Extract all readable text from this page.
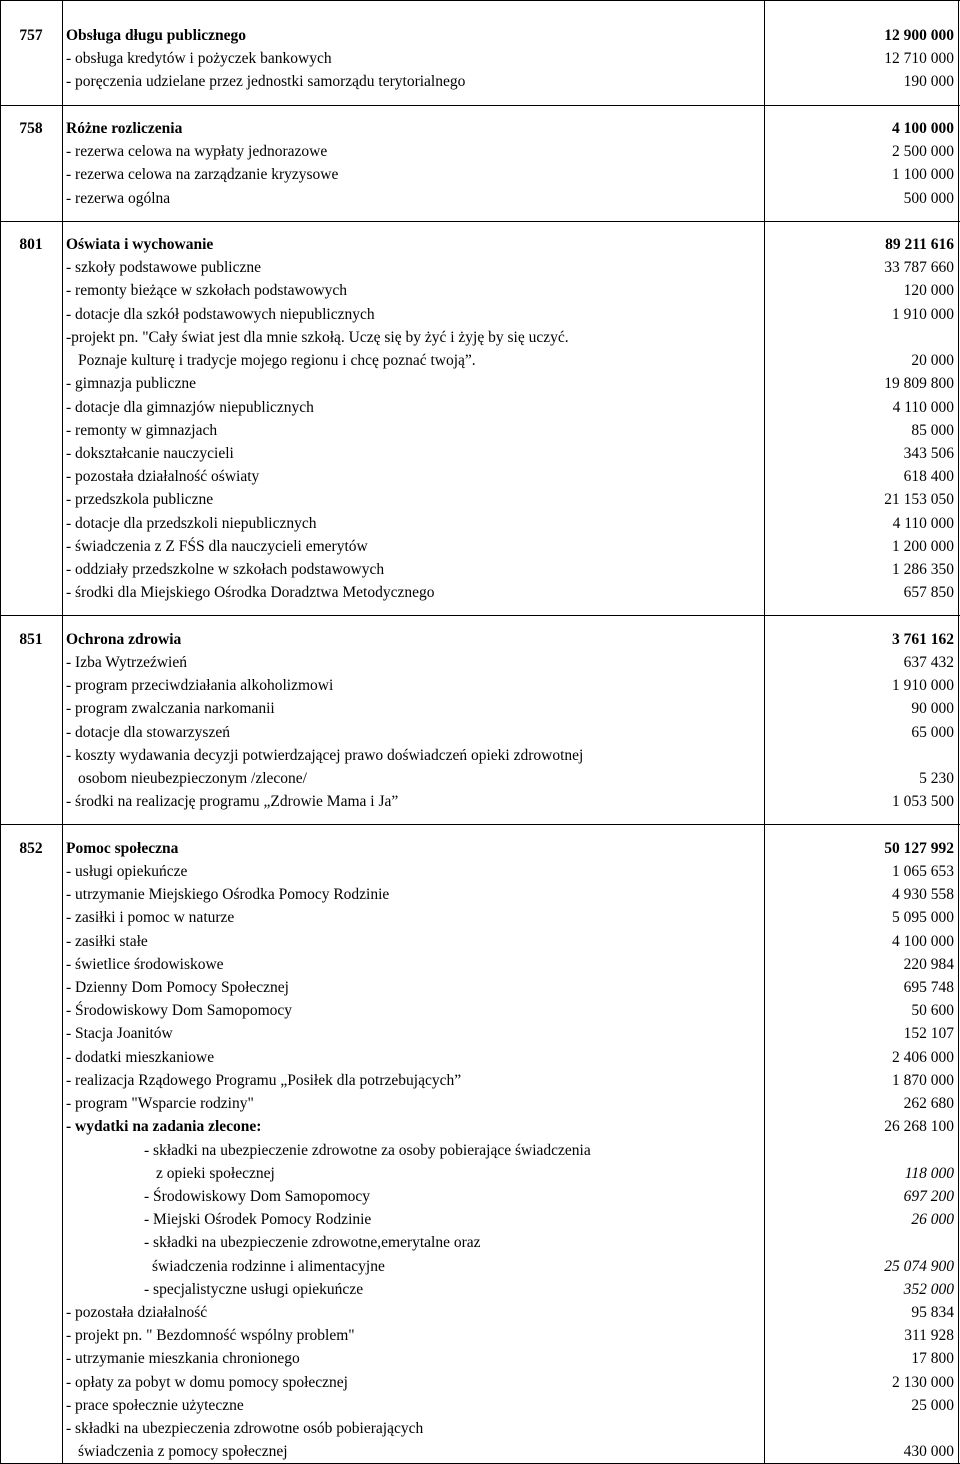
757	Obsługa długu publicznego	12 900 000
- obsługa kredytów i pożyczek bankowych	12 710 000
- poręczenia udzielane przez jednostki samorządu terytorialnego	190 000
758	Różne rozliczenia	4 100 000
- rezerwa celowa na wypłaty jednorazowe	2 500 000
- rezerwa celowa na zarządzanie kryzysowe	1 100 000
- rezerwa ogólna	500 000
801	Oświata i wychowanie	89 211 616
- szkoły podstawowe publiczne	33 787 660
- remonty bieżące w szkołach podstawowych	120 000
- dotacje dla szkół podstawowych niepublicznych	1 910 000
-projekt pn. "Cały świat jest dla mnie szkołą. Uczę się by żyć i żyję by się uczyć.
Poznaje kulturę i tradycje mojego regionu i chcę poznać twoją”.	20 000
- gimnazja publiczne	19 809 800
- dotacje dla gimnazjów niepublicznych	4 110 000
- remonty w gimnazjach	85 000
- dokształcanie nauczycieli	343 506
- pozostała działalność oświaty	618 400
- przedszkola publiczne	21 153 050
- dotacje dla przedszkoli niepublicznych	4 110 000
- świadczenia z Z FŚS dla nauczycieli emerytów	1 200 000
- oddziały przedszkolne w szkołach podstawowych	1 286 350
- środki dla Miejskiego Ośrodka Doradztwa Metodycznego	657 850
851	Ochrona zdrowia	3 761 162
- Izba Wytrzeźwień	637 432
- program przeciwdziałania alkoholizmowi	1 910 000
- program zwalczania narkomanii	90 000
- dotacje dla stowarzyszeń	65 000
- koszty wydawania decyzji potwierdzającej prawo doświadczeń opieki zdrowotnej
osobom nieubezpieczonym /zlecone/	5 230
- środki na realizację programu „Zdrowie Mama i Ja”	1 053 500
852	Pomoc społeczna	50 127 992
- usługi opiekuńcze	1 065 653
- utrzymanie Miejskiego Ośrodka Pomocy Rodzinie	4 930 558
- zasiłki i pomoc w naturze	5 095 000
- zasiłki stałe	4 100 000
- świetlice środowiskowe	220 984
- Dzienny Dom Pomocy Społecznej	695 748
- Środowiskowy Dom Samopomocy	50 600
- Stacja Joanitów	152 107
- dodatki mieszkaniowe	2 406 000
- realizacja Rządowego Programu „Posiłek dla potrzebujących”	1 870 000
- program "Wsparcie rodziny"	262 680
- wydatki na zadania zlecone:	26 268 100
- składki na ubezpieczenie zdrowotne za osoby pobierające świadczenia
z opieki społecznej	118 000
- Środowiskowy Dom Samopomocy	697 200
- Miejski Ośrodek Pomocy Rodzinie	26 000
- składki na ubezpieczenie zdrowotne,emerytalne oraz
świadczenia rodzinne i alimentacyjne	25 074 900
- specjalistyczne usługi opiekuńcze	352 000
- pozostała działalność	95 834
- projekt pn. " Bezdomność wspólny problem"	311 928
- utrzymanie mieszkania chronionego	17 800
- opłaty za pobyt w domu pomocy społecznej	2 130 000
- prace społecznie użyteczne	25 000
- składki na ubezpieczenia zdrowotne osób pobierających
świadczenia z pomocy społecznej	430 000
